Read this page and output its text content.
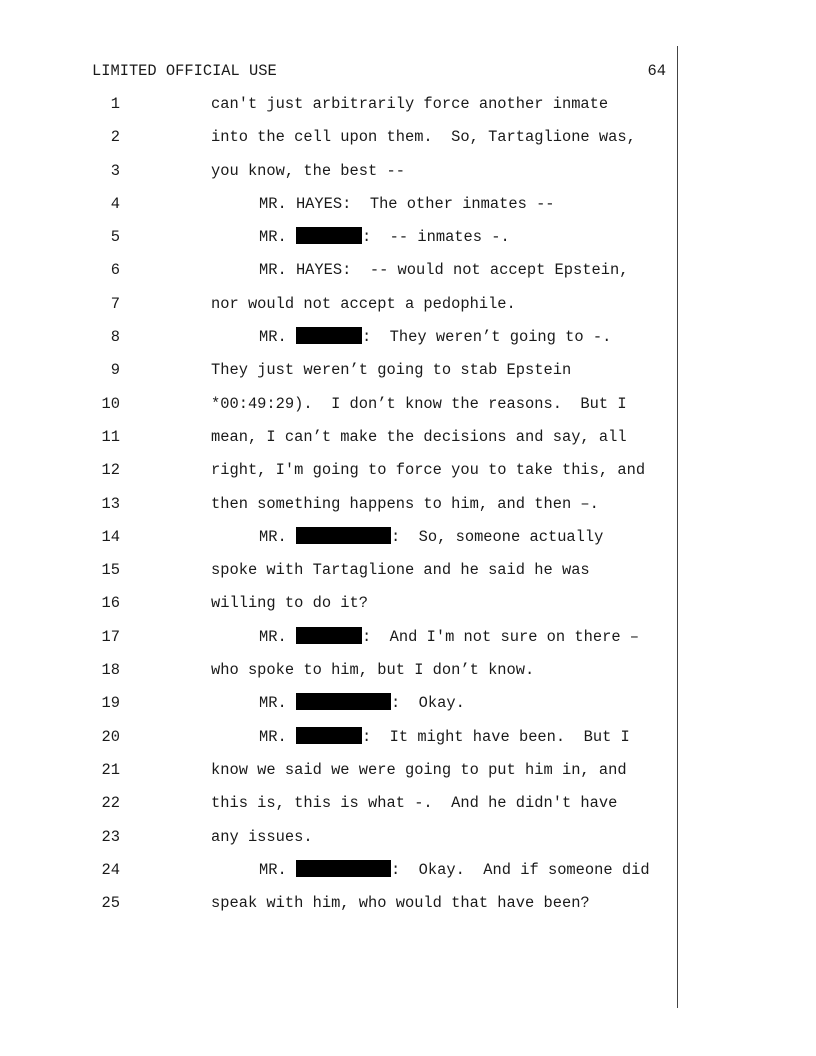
LIMITED OFFICIAL USE	64
1	can't just arbitrarily force another inmate
2	into the cell upon them.  So, Tartaglione was,
3	you know, the best --
4	MR. HAYES:  The other inmates --
5	MR.	:  -- inmates -.
6	MR. HAYES:  -- would not accept Epstein,
7	nor would not accept a pedophile.
8	MR.	:  They weren’t going to -.
9	They just weren’t going to stab Epstein
10	*00:49:29).  I don’t know the reasons.  But I
11	mean, I can’t make the decisions and say, all
12	right, I'm going to force you to take this, and
13	then something happens to him, and then –.
14	MR.	:  So, someone actually
15	spoke with Tartaglione and he said he was
16	willing to do it?
17	MR.	:  And I'm not sure on there –
18	who spoke to him, but I don’t know.
19	MR.	:  Okay.
20	MR.	:  It might have been.  But I
21	know we said we were going to put him in, and
22	this is, this is what -.  And he didn't have
23	any issues.
24	MR.	:  Okay.  And if someone did
25	speak with him, who would that have been?
